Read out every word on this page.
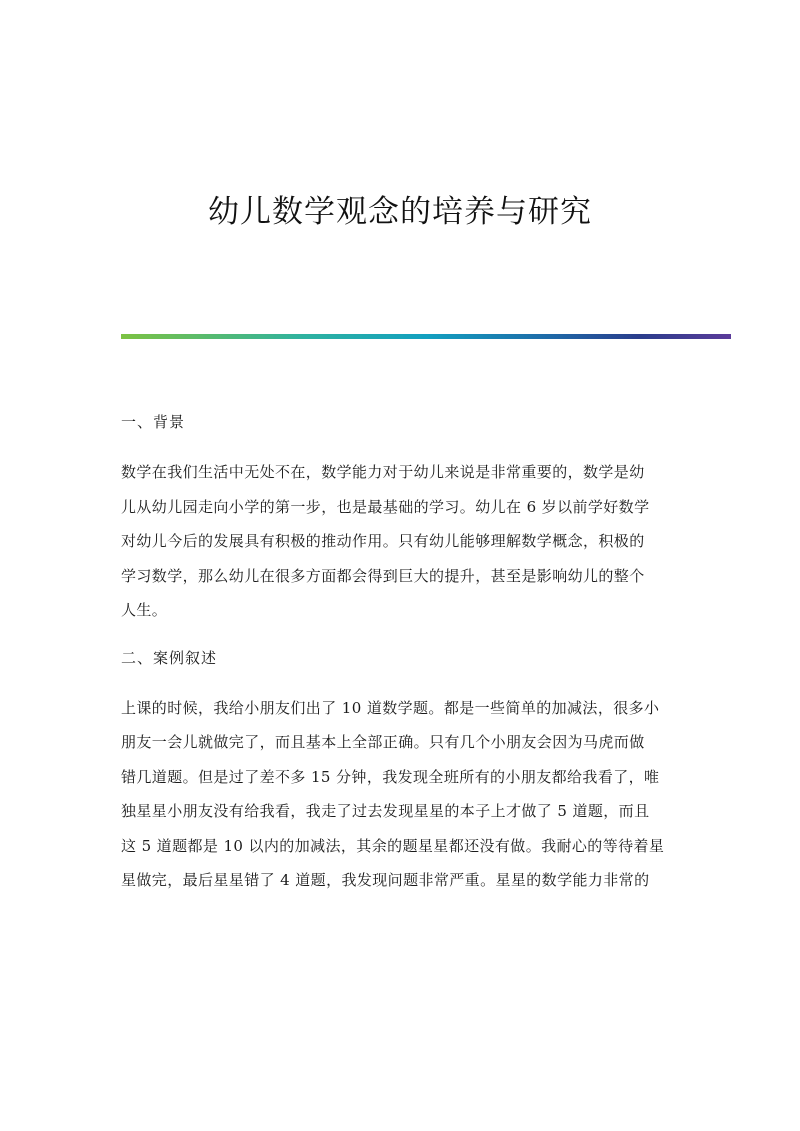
幼儿数学观念的培养与研究
一、背景
数学在我们生活中无处不在，数学能力对于幼儿来说是非常重要的，数学是幼
儿从幼儿园走向小学的第一步，也是最基础的学习。幼儿在 6 岁以前学好数学
对幼儿今后的发展具有积极的推动作用。只有幼儿能够理解数学概念，积极的
学习数学，那么幼儿在很多方面都会得到巨大的提升，甚至是影响幼儿的整个
人生。
二、案例叙述
上课的时候，我给小朋友们出了 10 道数学题。都是一些简单的加减法，很多小
朋友一会儿就做完了，而且基本上全部正确。只有几个小朋友会因为马虎而做
错几道题。但是过了差不多 15 分钟，我发现全班所有的小朋友都给我看了，唯
独星星小朋友没有给我看，我走了过去发现星星的本子上才做了 5 道题，而且
这 5 道题都是 10 以内的加减法，其余的题星星都还没有做。我耐心的等待着星
星做完，最后星星错了 4 道题，我发现问题非常严重。星星的数学能力非常的
